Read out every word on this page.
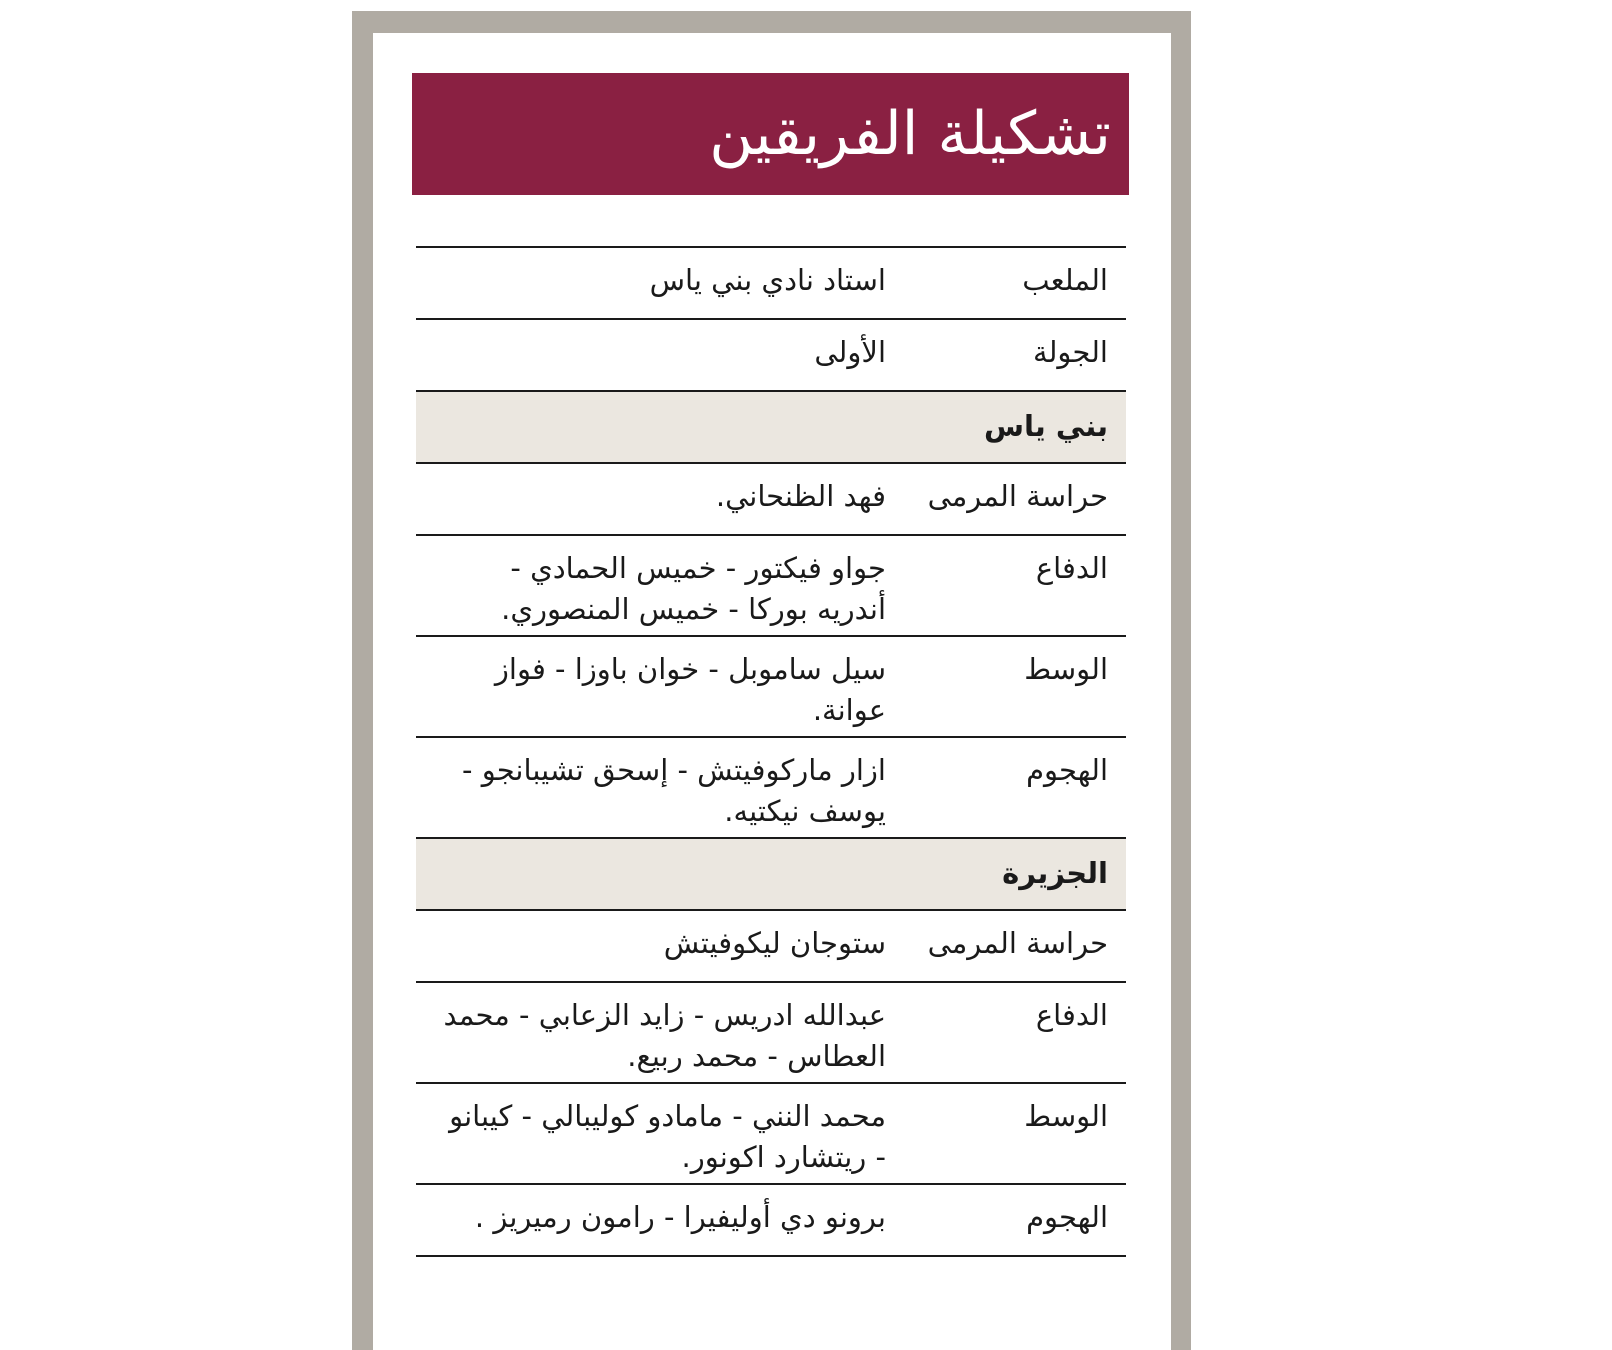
تشكيلة الفريقين
الملعب
استاد نادي بني ياس
الجولة
الأولى
بني ياس
حراسة المرمى
فهد الظنحاني.
الدفاع
جواو فيكتور - خميس الحمادي - أندريه بوركا - خميس المنصوري.
الوسط
سيل ساموبل - خوان باوزا - فواز عوانة.
الهجوم
ازار ماركوفيتش - إسحق تشيبانجو - يوسف نيكتيه.
الجزيرة
حراسة المرمى
ستوجان ليكوفيتش
الدفاع
عبدالله ادريس - زايد الزعابي - محمد العطاس - محمد ربيع.
الوسط
محمد النني - مامادو كوليبالي - كيبانو - ريتشارد اكونور.
الهجوم
برونو دي أوليفيرا - رامون رميريز .
